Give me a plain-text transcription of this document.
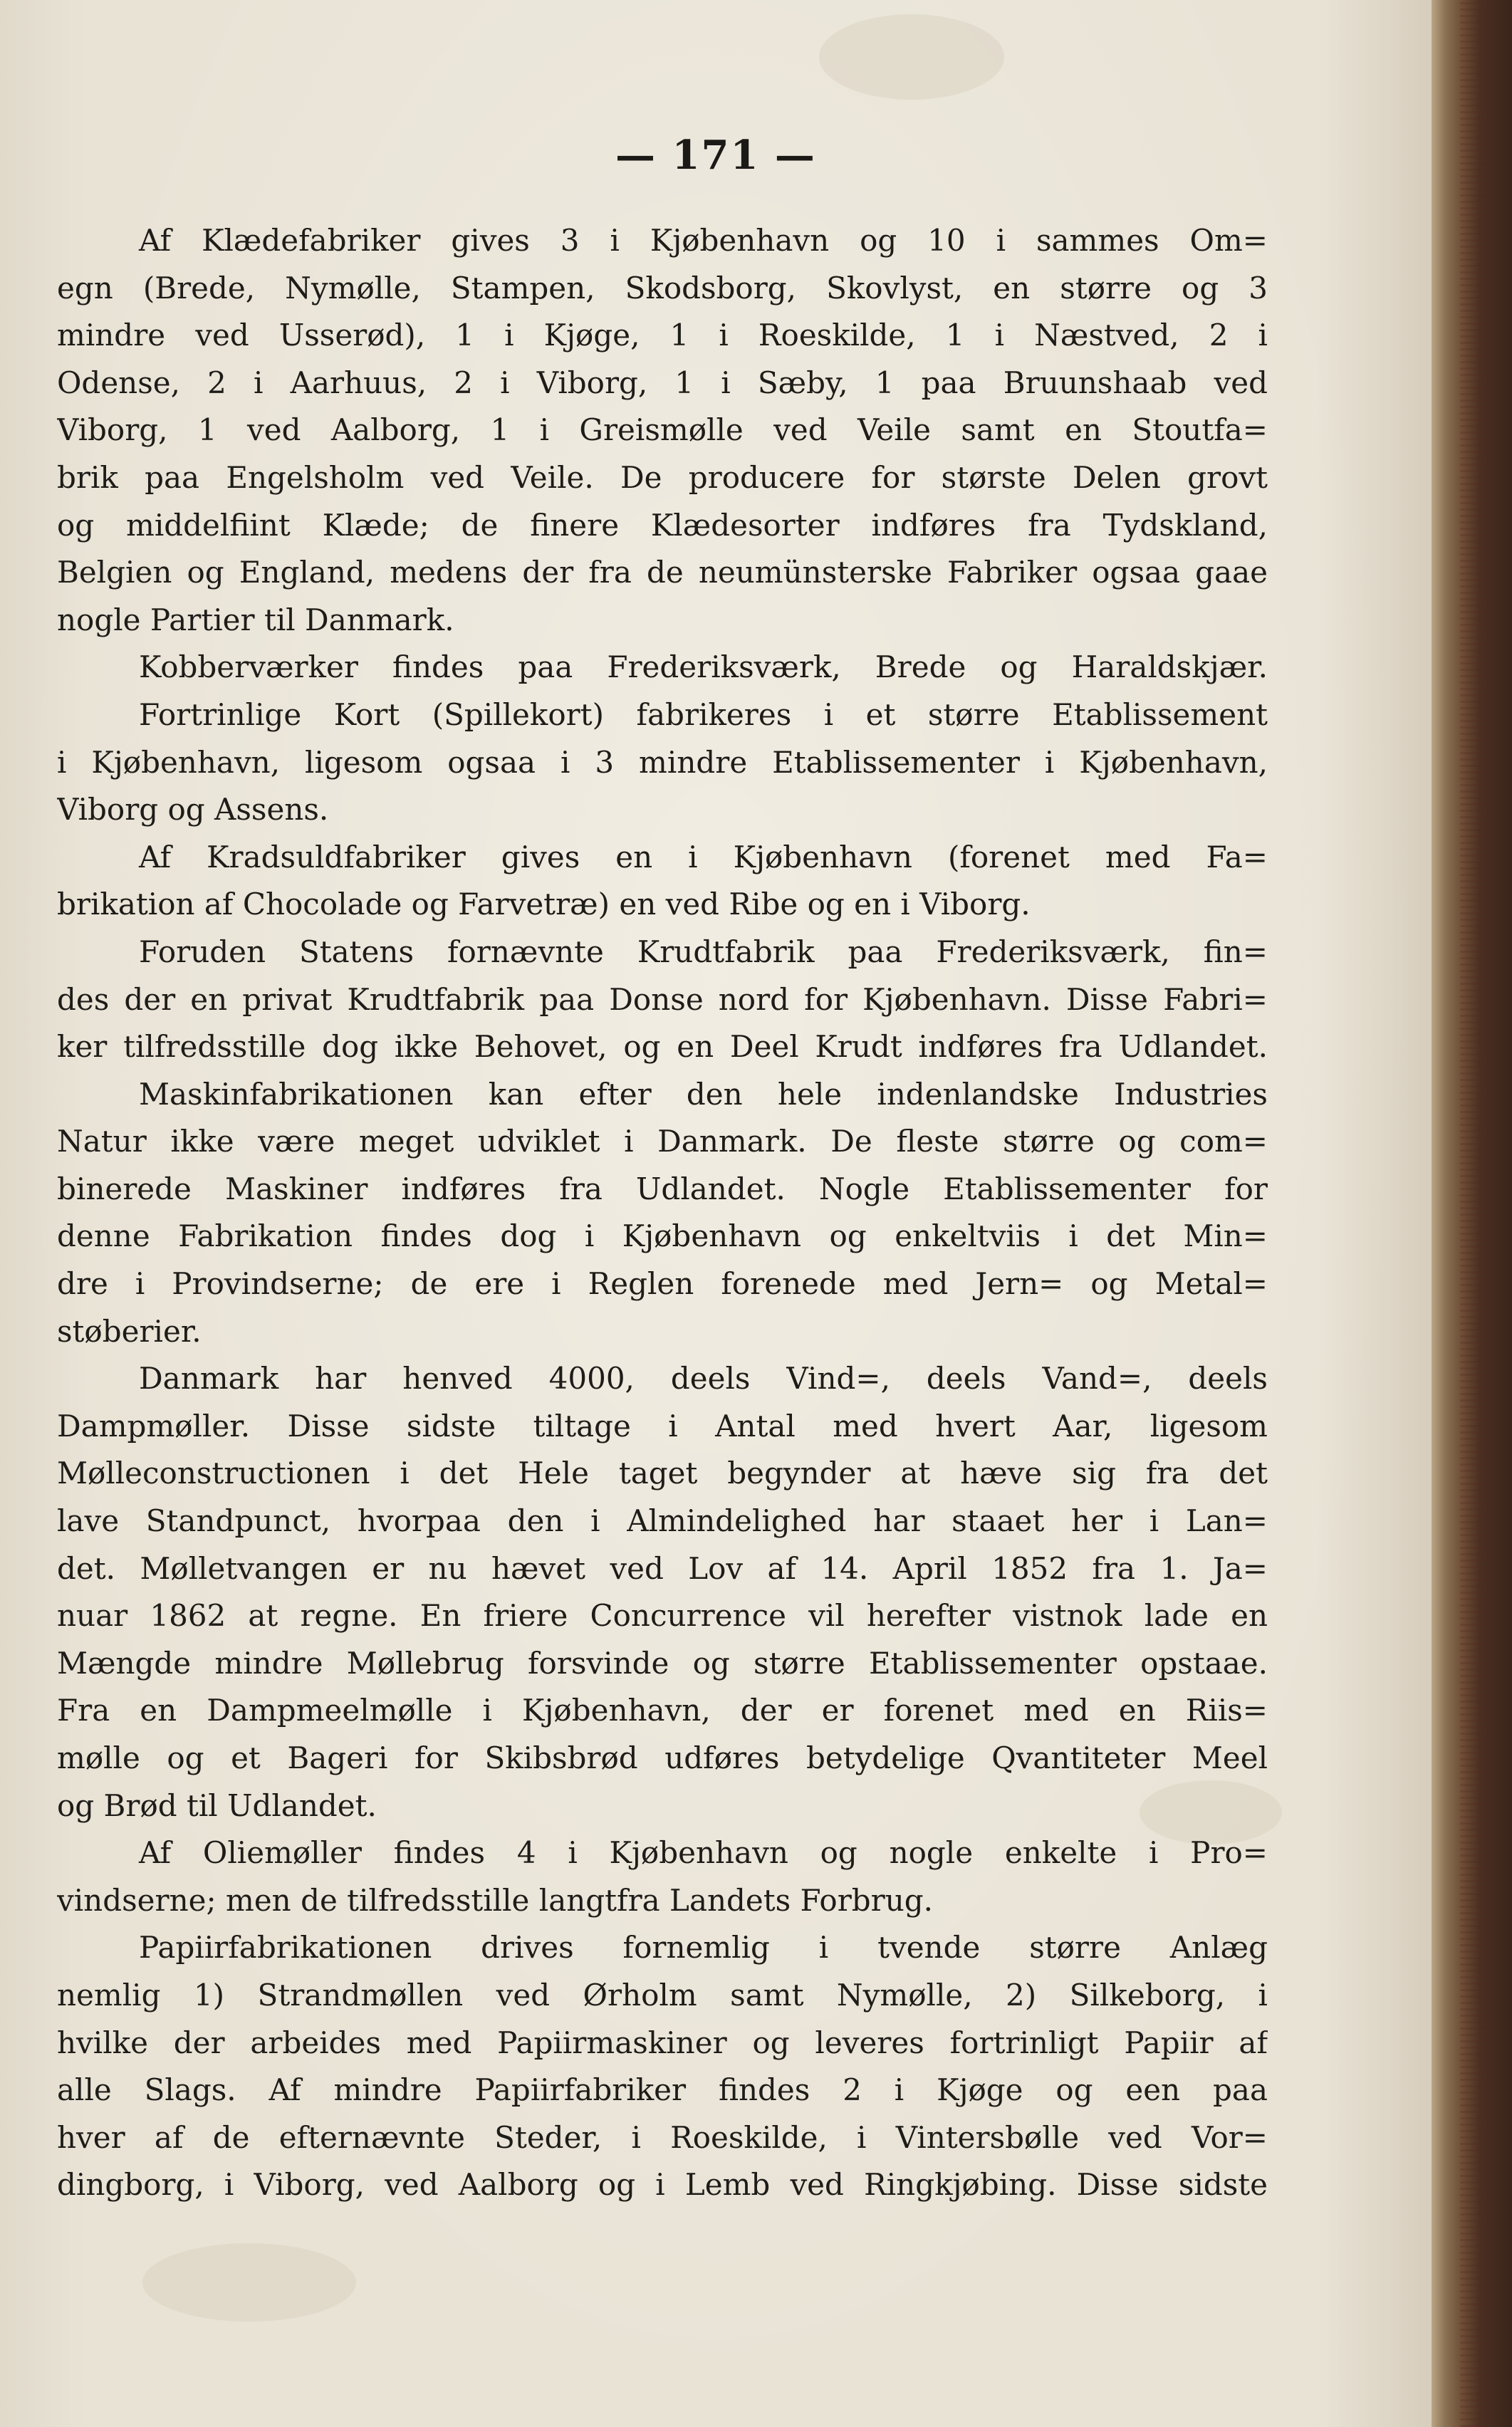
— 171 —
Af Klædefabriker gives 3 i Kjøbenhavn og 10 i sammes Om=
egn (Brede, Nymølle, Stampen, Skodsborg, Skovlyst, en større og 3
mindre ved Usserød), 1 i Kjøge, 1 i Roeskilde, 1 i Næstved, 2 i
Odense, 2 i Aarhuus, 2 i Viborg, 1 i Sæby, 1 paa Bruunshaab ved
Viborg, 1 ved Aalborg, 1 i Greismølle ved Veile samt en Stoutfa=
brik paa Engelsholm ved Veile. De producere for største Delen grovt
og middelfiint Klæde; de finere Klædesorter indføres fra Tydskland,
Belgien og England, medens der fra de neumünsterske Fabriker ogsaa gaae
nogle Partier til Danmark.
Kobberværker findes paa Frederiksværk, Brede og Haraldskjær.
Fortrinlige Kort (Spillekort) fabrikeres i et større Etablissement
i Kjøbenhavn, ligesom ogsaa i 3 mindre Etablissementer i Kjøbenhavn,
Viborg og Assens.
Af Kradsuldfabriker gives en i Kjøbenhavn (forenet med Fa=
brikation af Chocolade og Farvetræ) en ved Ribe og en i Viborg.
Foruden Statens fornævnte Krudtfabrik paa Frederiksværk, fin=
des der en privat Krudtfabrik paa Donse nord for Kjøbenhavn. Disse Fabri=
ker tilfredsstille dog ikke Behovet, og en Deel Krudt indføres fra Udlandet.
Maskinfabrikationen kan efter den hele indenlandske Industries
Natur ikke være meget udviklet i Danmark. De fleste større og com=
binerede Maskiner indføres fra Udlandet. Nogle Etablissementer for
denne Fabrikation findes dog i Kjøbenhavn og enkeltviis i det Min=
dre i Provindserne; de ere i Reglen forenede med Jern= og Metal=
støberier.
Danmark har henved 4000, deels Vind=, deels Vand=, deels
Dampmøller. Disse sidste tiltage i Antal med hvert Aar, ligesom
Mølleconstructionen i det Hele taget begynder at hæve sig fra det
lave Standpunct, hvorpaa den i Almindelighed har staaet her i Lan=
det. Mølletvangen er nu hævet ved Lov af 14. April 1852 fra 1. Ja=
nuar 1862 at regne. En friere Concurrence vil herefter vistnok lade en
Mængde mindre Møllebrug forsvinde og større Etablissementer opstaae.
Fra en Dampmeelmølle i Kjøbenhavn, der er forenet med en Riis=
mølle og et Bageri for Skibsbrød udføres betydelige Qvantiteter Meel
og Brød til Udlandet.
Af Oliemøller findes 4 i Kjøbenhavn og nogle enkelte i Pro=
vindserne; men de tilfredsstille langtfra Landets Forbrug.
Papiirfabrikationen drives fornemlig i tvende større Anlæg
nemlig 1) Strandmøllen ved Ørholm samt Nymølle, 2) Silkeborg, i
hvilke der arbeides med Papiirmaskiner og leveres fortrinligt Papiir af
alle Slags. Af mindre Papiirfabriker findes 2 i Kjøge og een paa
hver af de efternævnte Steder, i Roeskilde, i Vintersbølle ved Vor=
dingborg, i Viborg, ved Aalborg og i Lemb ved Ringkjøbing. Disse sidste
